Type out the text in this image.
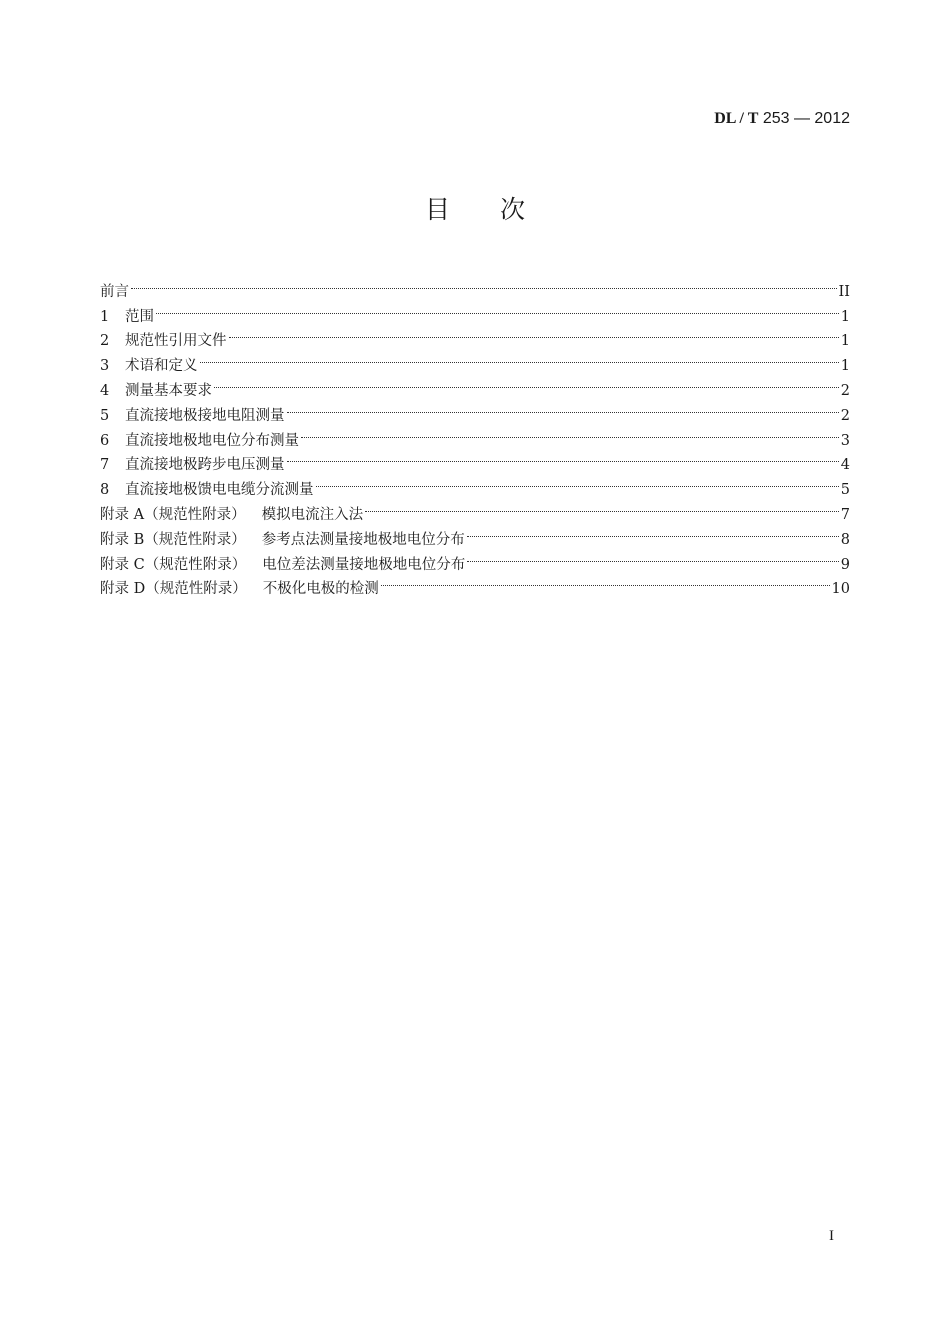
DL / T 253 — 2012
目次
前言	II
1	范围	1
2	规范性引用文件	1
3	术语和定义	1
4	测量基本要求	2
5	直流接地极接地电阻测量	2
6	直流接地极地电位分布测量	3
7	直流接地极跨步电压测量	4
8	直流接地极馈电电缆分流测量	5
附录 A（规范性附录） 模拟电流注入法	7
附录 B（规范性附录） 参考点法测量接地极地电位分布	8
附录 C（规范性附录） 电位差法测量接地极地电位分布	9
附录 D（规范性附录） 不极化电极的检测	10
I
